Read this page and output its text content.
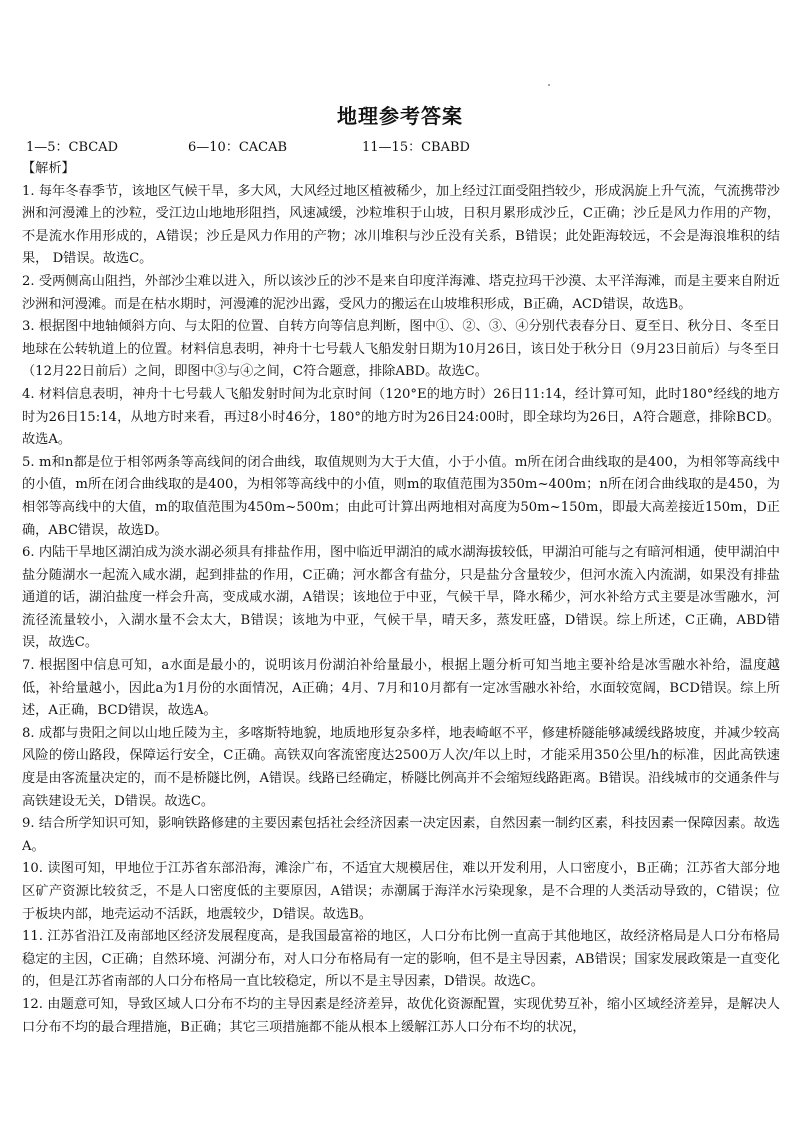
地理参考答案
1—5：CBCAD	6—10：CACAB	11—15：CBABD

【解析】

1. 每年冬春季节，该地区气候干旱，多大风，大风经过地区植被稀少，加上经过江面受阻挡较少，形成涡旋上升气流，气流携带沙洲和河漫滩上的沙粒，受江边山地地形阻挡，风速减缓，沙粒堆积于山坡，日积月累形成沙丘，C正确；沙丘是风力作用的产物，不是流水作用形成的，A错误；沙丘是风力作用的产物；冰川堆积与沙丘没有关系，B错误；此处距海较远，不会是海浪堆积的结果， D错误。故选C。

2. 受两侧高山阻挡，外部沙尘难以进入，所以该沙丘的沙不是来自印度洋海滩、塔克拉玛干沙漠、太平洋海滩，而是主要来自附近沙洲和河漫滩。而是在枯水期时，河漫滩的泥沙出露，受风力的搬运在山坡堆积形成，B正确，ACD错误，故选B。

3. 根据图中地轴倾斜方向、与太阳的位置、自转方向等信息判断，图中①、②、③、④分别代表春分日、夏至日、秋分日、冬至日地球在公转轨道上的位置。材料信息表明，神舟十七号载人飞船发射日期为10月26日，该日处于秋分日（9月23日前后）与冬至日（12月22日前后）之间，即图中③与④之间，C符合题意，排除ABD。故选C。

4. 材料信息表明，神舟十七号载人飞船发射时间为北京时间（120°E的地方时）26日11:14，经计算可知，此时180°经线的地方时为26日15:14，从地方时来看，再过8小时46分，180°的地方时为26日24:00时，即全球均为26日，A符合题意，排除BCD。故选A。

5. m和n都是位于相邻两条等高线间的闭合曲线，取值规则为大于大值，小于小值。m所在闭合曲线取的是400，为相邻等高线中的小值，m所在闭合曲线取的是400，为相邻等高线中的小值，则m的取值范围为350m~400m；n所在闭合曲线取的是450，为相邻等高线中的大值，m的取值范围为450m~500m；由此可计算出两地相对高度为50m~150m，即最大高差接近150m，D正确，ABC错误，故选D。

6. 内陆干旱地区湖泊成为淡水湖必须具有排盐作用，图中临近甲湖泊的咸水湖海拔较低，甲湖泊可能与之有暗河相通，使甲湖泊中盐分随湖水一起流入咸水湖，起到排盐的作用，C正确；河水都含有盐分，只是盐分含量较少，但河水流入内流湖，如果没有排盐通道的话，湖泊盐度一样会升高，变成咸水湖，A错误；该地位于中亚，气候干旱，降水稀少，河水补给方式主要是冰雪融水，河流径流量较小，入湖水量不会太大，B错误；该地为中亚，气候干旱，晴天多，蒸发旺盛，D错误。综上所述，C正确，ABD错误，故选C。

7. 根据图中信息可知，a水面是最小的，说明该月份湖泊补给量最小，根据上题分析可知当地主要补给是冰雪融水补给，温度越低，补给量越小，因此a为1月份的水面情况，A正确；4月、7月和10月都有一定冰雪融水补给，水面较宽阔，BCD错误。综上所述，A正确，BCD错误，故选A。

8. 成都与贵阳之间以山地丘陵为主，多喀斯特地貌，地质地形复杂多样，地表崎岖不平，修建桥隧能够减缓线路坡度，并减少较高风险的傍山路段，保障运行安全，C正确。高铁双向客流密度达2500万人次/年以上时，才能采用350公里/h的标准，因此高铁速度是由客流量决定的，而不是桥隧比例，A错误。线路已经确定，桥隧比例高并不会缩短线路距离。B错误。沿线城市的交通条件与高铁建设无关，D错误。故选C。

9. 结合所学知识可知，影响铁路修建的主要因素包括社会经济因素一决定因素，自然因素一制约区素，科技因素一保障因素。故选A。

10. 读图可知，甲地位于江苏省东部沿海，滩涂广布，不适宜大规模居住，难以开发利用，人口密度小，B正确；江苏省大部分地区矿产资源比较贫乏，不是人口密度低的主要原因，A错误；赤潮属于海洋水污染现象，是不合理的人类活动导致的，C错误；位于板块内部，地壳运动不活跃，地震较少，D错误。故选B。

11. 江苏省沿江及南部地区经济发展程度高，是我国最富裕的地区，人口分布比例一直高于其他地区，故经济格局是人口分布格局稳定的主因，C正确；自然环境、河湖分布，对人口分布格局有一定的影响，但不是主导因素，AB错误；国家发展政策是一直变化的，但是江苏省南部的人口分布格局一直比较稳定，所以不是主导因素，D错误。故选C。

12. 由题意可知，导致区域人口分布不均的主导因素是经济差异，故优化资源配置，实现优势互补，缩小区域经济差异，是解决人口分布不均的最合理措施，B正确；其它三项措施都不能从根本上缓解江苏人口分布不均的状况，
